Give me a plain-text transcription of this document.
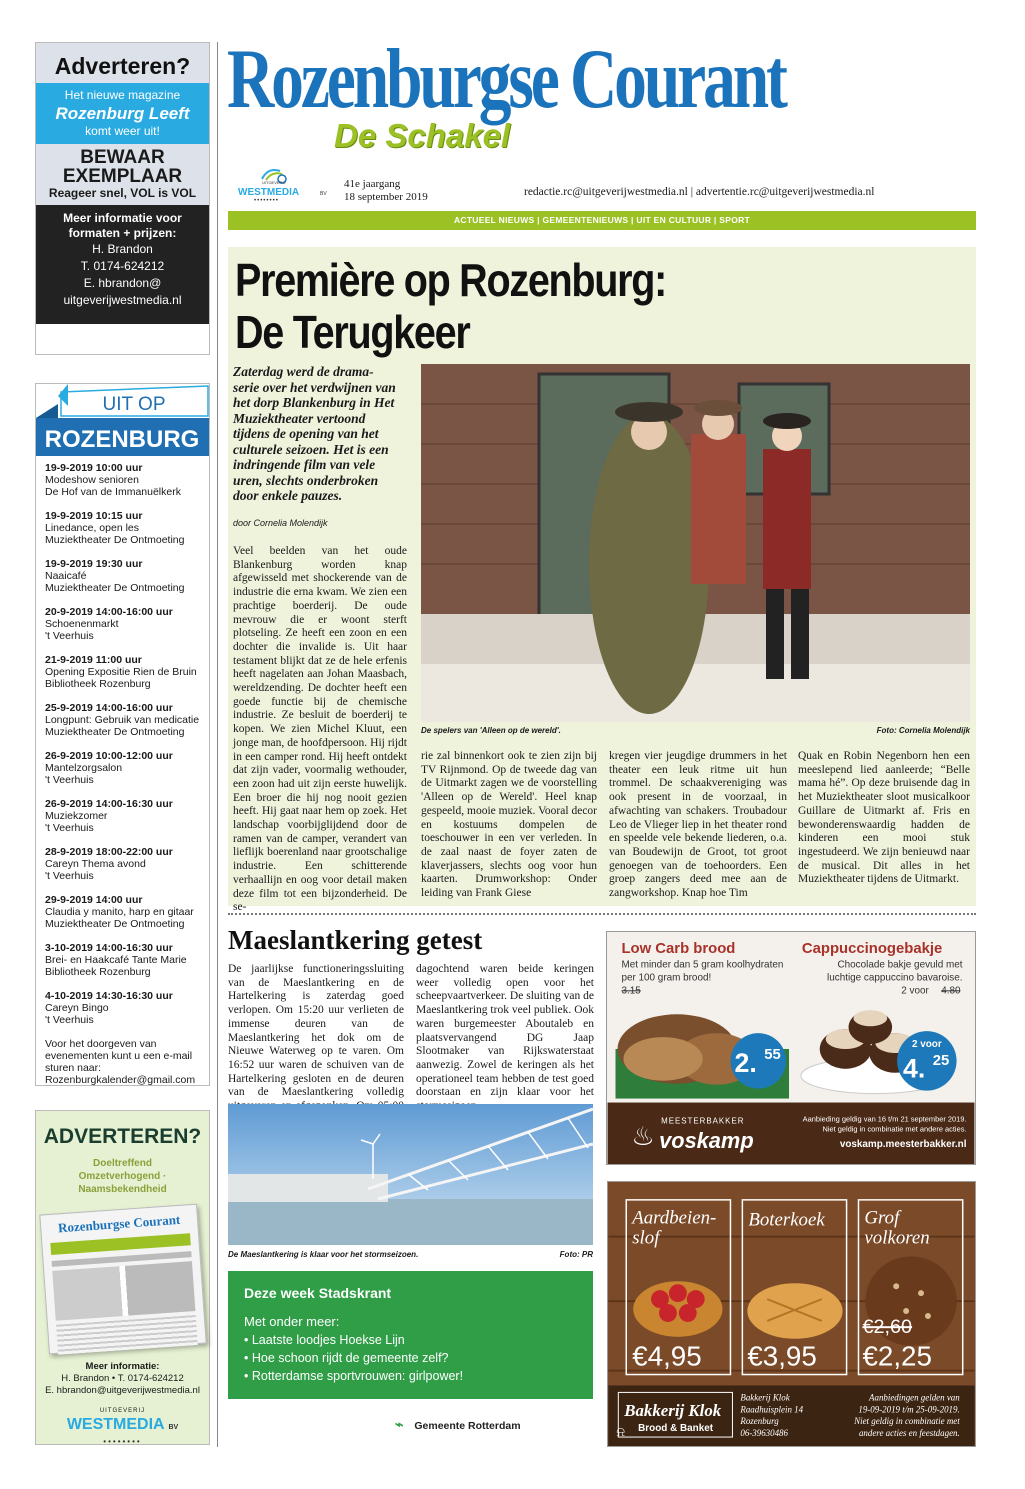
Adverteren?
Het nieuwe magazine
Rozenburg Leeft
komt weer uit!
BEWAAR
EXEMPLAAR
Reageer snel, VOL is VOL
Meer informatie voor formaten + prijzen:
H. Brandon
T. 0174-624212
E. hbrandon@
uitgeverijwestmedia.nl
UIT OP
ROZENBURG
19-9-2019 10:00 uur
Modeshow senioren
De Hof van de Immanuëlkerk
19-9-2019 10:15 uur
Linedance, open les
Muziektheater De Ontmoeting
19-9-2019 19:30 uur
Naaicafé
Muziektheater De Ontmoeting
20-9-2019 14:00-16:00 uur
Schoenenmarkt
't Veerhuis
21-9-2019 11:00 uur
Opening Expositie Rien de Bruin
Bibliotheek Rozenburg
25-9-2019 14:00-16:00 uur
Longpunt: Gebruik van medicatie
Muziektheater De Ontmoeting
26-9-2019 10:00-12:00 uur
Mantelzorgsalon
't Veerhuis
26-9-2019 14:00-16:30 uur
Muziekzomer
't Veerhuis
28-9-2019 18:00-22:00 uur
Careyn Thema avond
't Veerhuis
29-9-2019 14:00 uur
Claudia y manito, harp en gitaar
Muziektheater De Ontmoeting
3-10-2019 14:00-16:30 uur
Brei- en Haakcafé Tante Marie
Bibliotheek Rozenburg
4-10-2019 14:30-16:30 uur
Careyn Bingo
't Veerhuis
Voor het doorgeven van evenementen kunt u een e-mail sturen naar:
Rozenburgkalender@gmail.com
ADVERTEREN?
Doeltreffend
Omzetverhogend · Naamsbekendheid
Rozenburgse Courant
Meer informatie:
H. Brandon • T. 0174-624212
E. hbrandon@uitgeverijwestmedia.nl
UITGEVERIJ
WESTMEDIA BV
••••••••
Rozenburgse Courant
De Schakel
UITGEVERIJ
WESTMEDIA	BV
••••••••
41e jaargang
18 september 2019	redactie.rc@uitgeverijwestmedia.nl | advertentie.rc@uitgeverijwestmedia.nl
ACTUEEL NIEUWS | GEMEENTENIEUWS | UIT EN CULTUUR | SPORT
Première op Rozenburg:
De Terugkeer
Zaterdag werd de drama-serie over het verdwijnen van het dorp Blankenburg in Het Muziektheater vertoond tijdens de opening van het culturele seizoen. Het is een indringende film van vele uren, slechts onderbroken door enkele pauzes.
door Cornelia Molendijk
Veel beelden van het oude Blankenburg worden knap afgewisseld met shockerende van de industrie die erna kwam. We zien een prachtige boerderij. De oude mevrouw die er woont sterft plotseling. Ze heeft een zoon en een dochter die invalide is. Uit haar testament blijkt dat ze de hele erfenis heeft nagelaten aan Johan Maasbach, wereldzending. De dochter heeft een goede functie bij de chemische industrie. Ze besluit de boerderij te kopen. We zien Michel Kluut, een jonge man, de hoofdpersoon. Hij rijdt in een camper rond. Hij heeft ontdekt dat zijn vader, voormalig wethouder, een zoon had uit zijn eerste huwelijk. Een broer die hij nog nooit gezien heeft. Hij gaat naar hem op zoek. Het landschap voorbijglijdend door de ramen van de camper, verandert van lieflijk boerenland naar grootschalige industrie. Een schitterende verhaallijn en oog voor detail maken deze film tot een bijzonderheid. De se-
De spelers van 'Alleen op de wereld'.	Foto: Cornelia Molendijk
rie zal binnenkort ook te zien zijn bij TV Rijnmond. Op de tweede dag van de Uitmarkt zagen we de voorstelling 'Alleen op de Wereld'. Heel knap gespeeld, mooie muziek. Vooral decor en kostuums dompelen de toeschouwer in een ver verleden. In de zaal naast de foyer zaten de klaverjassers, slechts oog voor hun kaarten. Drumworkshop: Onder leiding van Frank Giese
kregen vier jeugdige drummers in het theater een leuk ritme uit hun trommel. De schaakvereniging was ook present in de voorzaal, in afwachting van schakers. Troubadour Leo de Vlieger liep in het theater rond en speelde vele bekende liederen, o.a. van Boudewijn de Groot, tot groot genoegen van de toehoorders. Een groep zangers deed mee aan de zangworkshop. Knap hoe Tim
Quak en Robin Negenborn hen een meeslepend lied aanleerde; “Belle mama hé”. Op deze bruisende dag in het Muziektheater sloot musicalkoor Guillare de Uitmarkt af. Fris en bewonderenswaardig hadden de kinderen een mooi stuk ingestudeerd. We zijn benieuwd naar de musical. Dit alles in het Muziektheater tijdens de Uitmarkt.
Maeslantkering getest
De jaarlijkse functioneringssluiting van de Maeslantkering en de Hartelkering is zaterdag goed verlopen. Om 15:20 uur verlieten de immense deuren van de Maeslantkering het dok om de Nieuwe Waterweg op te varen. Om 16:52 uur waren de schuiven van de Hartelkering gesloten en de deuren van de Maeslantkering volledig
dagochtend waren beide keringen weer volledig open voor het scheepvaartverkeer. De sluiting van de Maeslantkering trok veel publiek. Ook waren burgemeester Aboutaleb en plaatsvervangend DG Jaap Slootmaker van Rijkswaterstaat aanwezig. Zowel de keringen als het operationeel team hebben de test goed doorstaan en zijn klaar voor het
De Maeslantkering is klaar voor het stormseizoen.	Foto: PR
Deze week Stadskrant
Met onder meer:
• Laatste loodjes Hoekse Lijn
• Hoe schoon rijdt de gemeente zelf?
• Rotterdamse sportvrouwen: girlpower!
⌁ Gemeente Rotterdam
Low Carb brood
Met minder dan 5 gram koolhydraten
per 100 gram brood!
3.15
Cappuccinogebakje
Chocolade bakje gevuld met
luchtige cappuccino bavaroise.
2 voor 4.80
2. 55
2 voor
4. 25
♨
MEESTERBAKKER
voskamp
Aanbieding geldig van 16 t/m 21 september 2019.
Niet geldig in combinatie met andere acties.
voskamp.meesterbakker.nl
Aardbeien-
slof
Boterkoek Grof
volkoren
€4,95 €3,95
€2,60
€2,25
Bakkerij Klok
Brood & Banket
⍾
Bakkerij Klok
Raadhuisplein 14
Rozenburg
06-39630486
Aanbiedingen gelden van
19-09-2019 t/m 25-09-2019.
Niet geldig in combinatie met
andere acties en feestdagen.
